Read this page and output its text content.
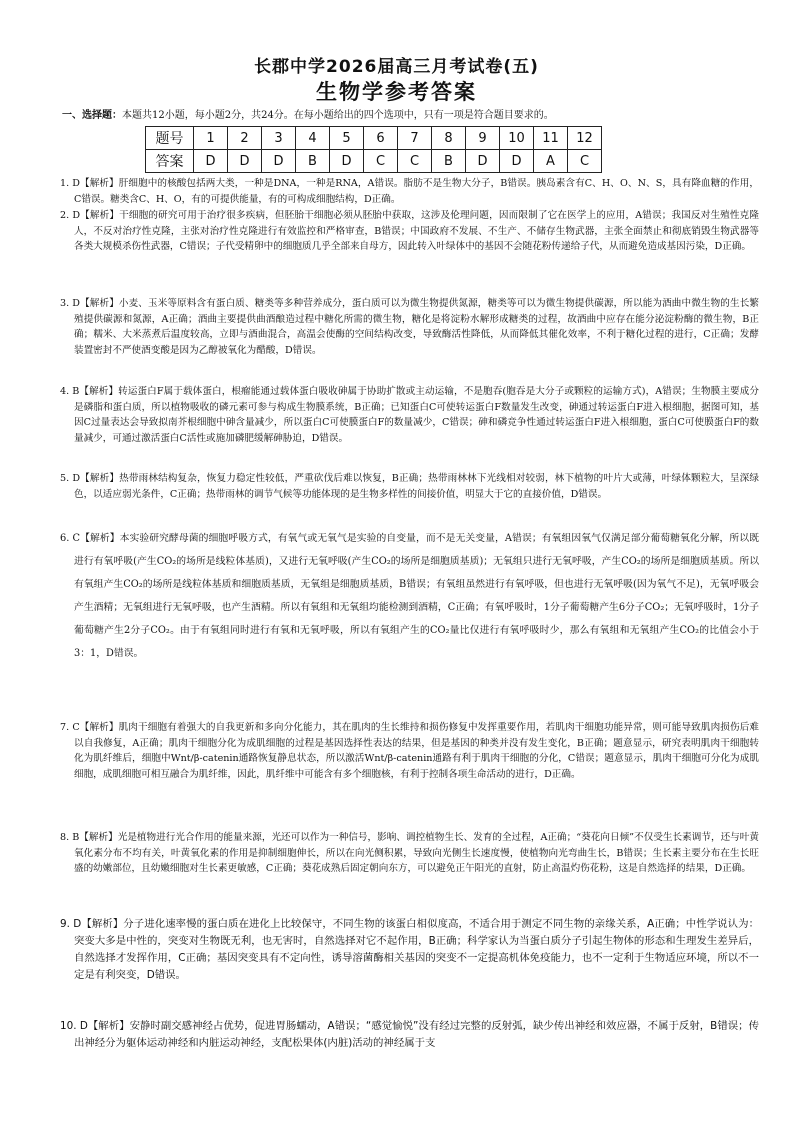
长郡中学2026届高三月考试卷(五)
生物学参考答案
一、选择题：本题共12小题，每小题2分，共24分。在每小题给出的四个选项中，只有一项是符合题目要求的。
题号	1	2	3	4	5	6	7	8	9	10	11	12
答案	D	D	D	B	D	C	C	B	D	D	A	C
1. D【解析】肝细胞中的核酸包括两大类，一种是DNA，一种是RNA，A错误。脂肪不是生物大分子，B错误。胰岛素含有C、H、O、N、S，具有降血糖的作用，C错误。糖类含C、H、O，有的可提供能量，有的可构成细胞结构，D正确。
2. D【解析】干细胞的研究可用于治疗很多疾病，但胚胎干细胞必须从胚胎中获取，这涉及伦理问题，因而限制了它在医学上的应用，A错误；我国反对生殖性克隆人，不反对治疗性克隆，主张对治疗性克隆进行有效监控和严格审查，B错误；中国政府不发展、不生产、不储存生物武器，主张全面禁止和彻底销毁生物武器等各类大规模杀伤性武器，C错误；子代受精卵中的细胞质几乎全部来自母方，因此转入叶绿体中的基因不会随花粉传递给子代，从而避免造成基因污染，D正确。
3. D【解析】小麦、玉米等原料含有蛋白质、糖类等多种营养成分，蛋白质可以为微生物提供氮源，糖类等可以为微生物提供碳源，所以能为酒曲中微生物的生长繁殖提供碳源和氮源，A正确；酒曲主要提供曲酒酿造过程中糖化所需的微生物，糖化是将淀粉水解形成糖类的过程，故酒曲中应存在能分泌淀粉酶的微生物，B正确；糯米、大米蒸煮后温度较高，立即与酒曲混合，高温会使酶的空间结构改变，导致酶活性降低，从而降低其催化效率，不利于糖化过程的进行，C正确；发酵装置密封不严使酒变酸是因为乙醇被氧化为醋酸，D错误。
4. B【解析】转运蛋白F属于载体蛋白，根瘤能通过载体蛋白吸收砷属于协助扩散或主动运输，不是胞吞(胞吞是大分子或颗粒的运输方式)，A错误；生物膜主要成分是磷脂和蛋白质，所以植物吸收的磷元素可参与构成生物膜系统，B正确；已知蛋白C可使转运蛋白F数量发生改变，砷通过转运蛋白F进入根细胞，据图可知，基因C过量表达会导致拟南芥根细胞中砷含量减少，所以蛋白C可使膜蛋白F的数量减少，C错误；砷和磷竞争性通过转运蛋白F进入根细胞，蛋白C可使膜蛋白F的数量减少，可通过激活蛋白C活性或施加磷肥缓解砷胁迫，D错误。
5. D【解析】热带雨林结构复杂，恢复力稳定性较低，严重砍伐后难以恢复，B正确；热带雨林林下光线相对较弱，林下植物的叶片大或薄，叶绿体颗粒大，呈深绿色，以适应弱光条件，C正确；热带雨林的调节气候等功能体现的是生物多样性的间接价值，明显大于它的直接价值，D错误。
6. C【解析】本实验研究酵母菌的细胞呼吸方式，有氧气或无氧气是实验的自变量，而不是无关变量，A错误；有氧组因氧气仅满足部分葡萄糖氧化分解，所以既进行有氧呼吸(产生CO₂的场所是线粒体基质)，又进行无氧呼吸(产生CO₂的场所是细胞质基质)；无氧组只进行无氧呼吸，产生CO₂的场所是细胞质基质。所以有氧组产生CO₂的场所是线粒体基质和细胞质基质，无氧组是细胞质基质，B错误；有氧组虽然进行有氧呼吸，但也进行无氧呼吸(因为氧气不足)，无氧呼吸会产生酒精；无氧组进行无氧呼吸，也产生酒精。所以有氧组和无氧组均能检测到酒精，C正确；有氧呼吸时，1分子葡萄糖产生6分子CO₂；无氧呼吸时，1分子葡萄糖产生2分子CO₂。由于有氧组同时进行有氧和无氧呼吸，所以有氧组产生的CO₂量比仅进行有氧呼吸时少，那么有氧组和无氧组产生CO₂的比值会小于3：1，D错误。
7. C【解析】肌肉干细胞有着强大的自我更新和多向分化能力，其在肌肉的生长维持和损伤修复中发挥重要作用，若肌肉干细胞功能异常，则可能导致肌肉损伤后难以自我修复，A正确；肌肉干细胞分化为成肌细胞的过程是基因选择性表达的结果，但是基因的种类并没有发生变化，B正确；题意显示，研究表明肌肉干细胞转化为肌纤维后，细胞中Wnt/β-catenin通路恢复静息状态，所以激活Wnt/β-catenin通路有利于肌肉干细胞的分化，C错误；题意显示，肌肉干细胞可分化为成肌细胞，成肌细胞可相互融合为肌纤维，因此，肌纤维中可能含有多个细胞核，有利于控制各项生命活动的进行，D正确。
8. B【解析】光是植物进行光合作用的能量来源，光还可以作为一种信号，影响、调控植物生长、发育的全过程，A正确；“葵花向日倾”不仅受生长素调节，还与叶黄氧化素分布不均有关，叶黄氧化素的作用是抑制细胞伸长，所以在向光侧积累，导致向光侧生长速度慢，使植物向光弯曲生长，B错误；生长素主要分布在生长旺盛的幼嫩部位，且幼嫩细胞对生长素更敏感，C正确；葵花成熟后固定朝向东方，可以避免正午阳光的直射，防止高温灼伤花粉，这是自然选择的结果，D正确。
9. D【解析】分子进化速率慢的蛋白质在进化上比较保守，不同生物的该蛋白相似度高，不适合用于测定不同生物的亲缘关系，A正确；中性学说认为：突变大多是中性的，突变对生物既无利，也无害时，自然选择对它不起作用，B正确；科学家认为当蛋白质分子引起生物体的形态和生理发生差异后，自然选择才发挥作用，C正确；基因突变具有不定向性，诱导溶菌酶相关基因的突变不一定提高机体免疫能力，也不一定利于生物适应环境，所以不一定是有利突变，D错误。
10. D【解析】安静时副交感神经占优势，促进胃肠蠕动，A错误；“感觉愉悦”没有经过完整的反射弧，缺少传出神经和效应器，不属于反射，B错误；传出神经分为躯体运动神经和内脏运动神经，支配松果体(内脏)活动的神经属于支
